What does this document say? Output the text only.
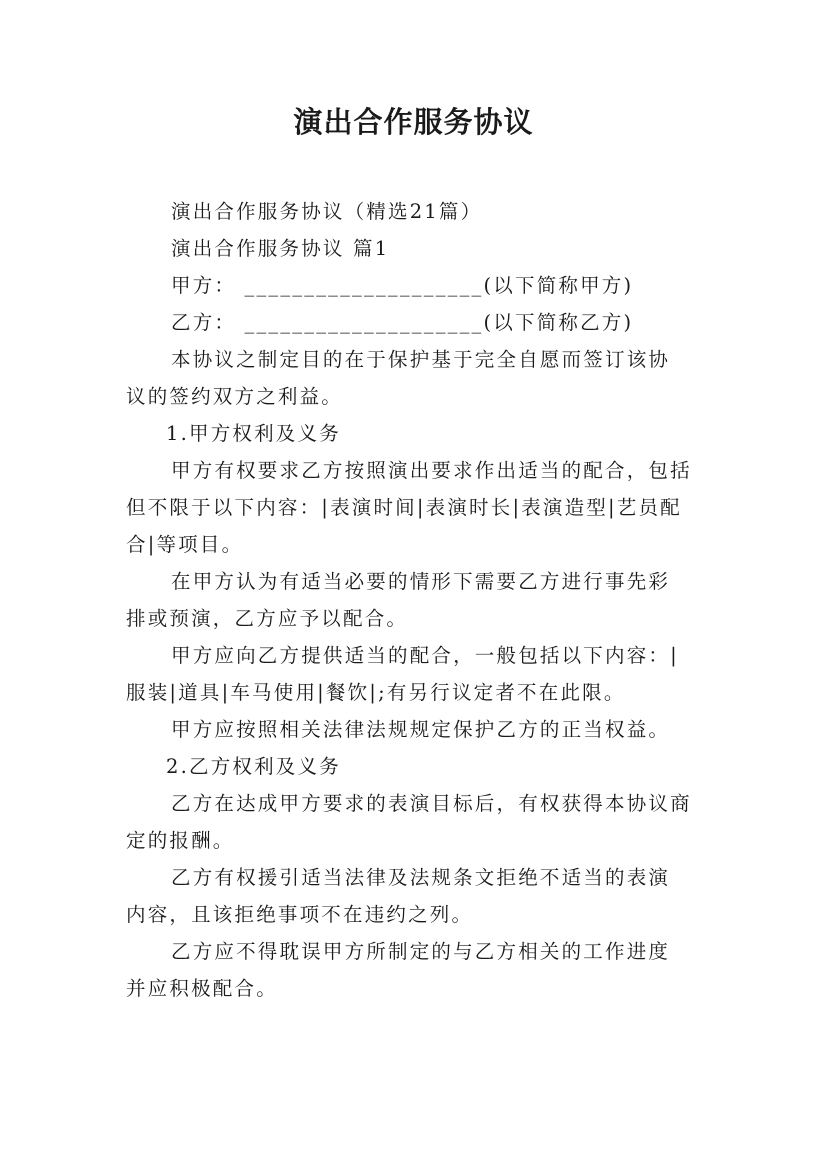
演出合作服务协议
演出合作服务协议（精选21篇）
演出合作服务协议 篇1
甲方： ____________________(以下简称甲方)
乙方： ____________________(以下简称乙方)
本协议之制定目的在于保护基于完全自愿而签订该协
议的签约双方之利益。
1.甲方权利及义务
甲方有权要求乙方按照演出要求作出适当的配合，包括
但不限于以下内容：|表演时间|表演时长|表演造型|艺员配
合|等项目。
在甲方认为有适当必要的情形下需要乙方进行事先彩
排或预演，乙方应予以配合。
甲方应向乙方提供适当的配合，一般包括以下内容：|
服装|道具|车马使用|餐饮|;有另行议定者不在此限。
甲方应按照相关法律法规规定保护乙方的正当权益。
2.乙方权利及义务
乙方在达成甲方要求的表演目标后，有权获得本协议商
定的报酬。
乙方有权援引适当法律及法规条文拒绝不适当的表演
内容，且该拒绝事项不在违约之列。
乙方应不得耽误甲方所制定的与乙方相关的工作进度
并应积极配合。
